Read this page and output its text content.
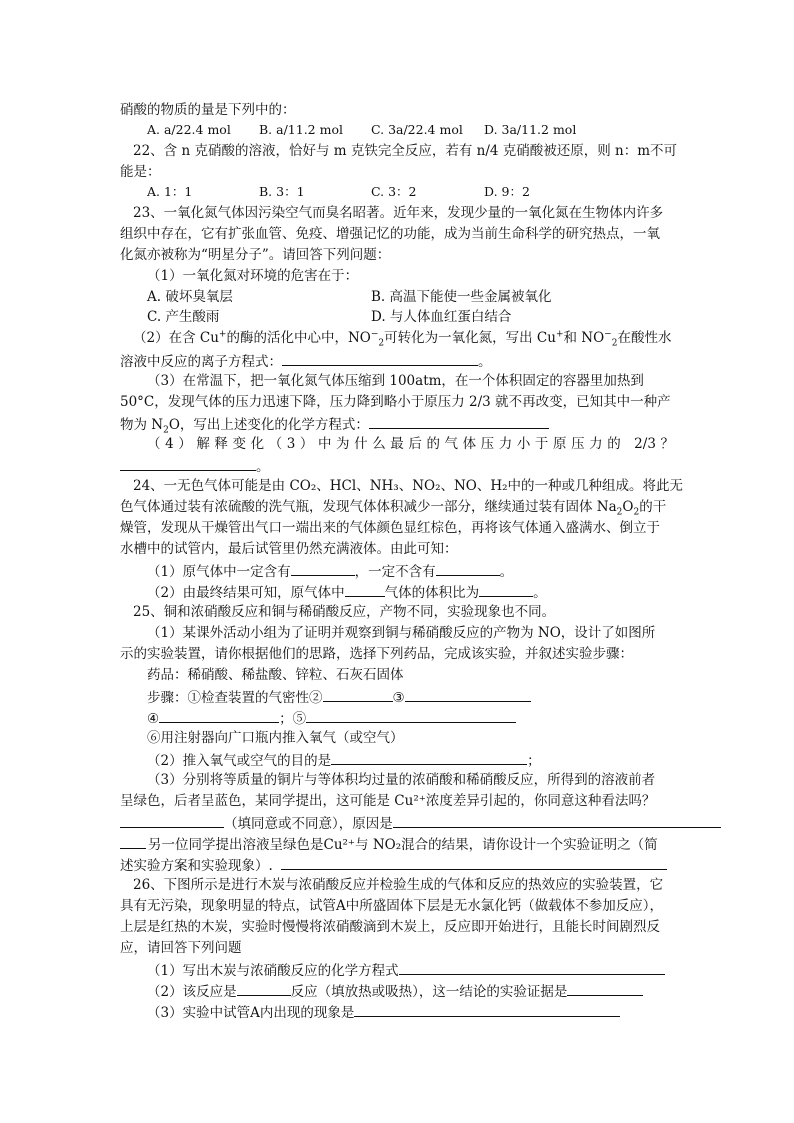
硝酸的物质的量是下列中的：
A. a/22.4 mol B. a/11.2 mol C. 3a/22.4 mol D. 3a/11.2 mol
22、含 n 克硝酸的溶液，恰好与 m 克铁完全反应，若有 n/4 克硝酸被还原，则 n：m不可
能是：
A. 1：1	B. 3：1	C. 3：2	D. 9：2
23、一氧化氮气体因污染空气而臭名昭著。近年来，发现少量的一氧化氮在生物体内许多
组织中存在，它有扩张血管、免疫、增强记忆的功能，成为当前生命科学的研究热点，一氧
化氮亦被称为“明星分子”。请回答下列问题：
（1）一氧化氮对环境的危害在于：
A. 破坏臭氧层	B. 高温下能使一些金属被氧化
C. 产生酸雨	D. 与人体血红蛋白结合
（2）在含 Cu+的酶的活化中心中，$NO^-_2$可转化为一氧化氮，写出 Cu+和 $NO^-_2$在酸性水
溶液中反应的离子方程式：	。
（3）在常温下，把一氧化氮气体压缩到 100atm，在一个体积固定的容器里加热到
50°C，发现气体的压力迅速下降，压力降到略小于原压力 2/3 就不再改变，已知其中一种产
物为 $N_2O$，写出上述变化的化学方程式：
（4）解释变化（3）中为什么最后的气体压力小于原压力的 2/3？
。
24、一无色气体可能是由 CO₂、HCl、NH₃、NO₂、NO、H₂中的一种或几种组成。将此无
色气体通过装有浓硫酸的洗气瓶，发现气体体积减少一部分，继续通过装有固体 $Na_2O_2$的干
燥管，发现从干燥管出气口一端出来的气体颜色显红棕色，再将该气体通入盛满水、倒立于
水槽中的试管内，最后试管里仍然充满液体。由此可知：
（1）原气体中一定含有	，一定不含有	。
（2）由最终结果可知，原气体中	气体的体积比为	。
25、铜和浓硝酸反应和铜与稀硝酸反应，产物不同，实验现象也不同。
（1）某课外活动小组为了证明并观察到铜与稀硝酸反应的产物为 NO，设计了如图所
示的实验装置，请你根据他们的思路，选择下列药品，完成该实验，并叙述实验步骤：
药品：稀硝酸、稀盐酸、锌粒、石灰石固体
步骤：①检查装置的气密性②	③
④	；⑤
⑥用注射器向广口瓶内推入氧气（或空气）
（2）推入氧气或空气的目的是	；
（3）分别将等质量的铜片与等体积均过量的浓硝酸和稀硝酸反应，所得到的溶液前者
呈绿色，后者呈蓝色，某同学提出，这可能是 Cu²⁺浓度差异引起的，你同意这种看法吗？
（填同意或不同意），原因是
另一位同学提出溶液呈绿色是Cu²⁺与 NO₂混合的结果，请你设计一个实验证明之（简
述实验方案和实验现象）.
26、下图所示是进行木炭与浓硝酸反应并检验生成的气体和反应的热效应的实验装置，它
具有无污染，现象明显的特点，试管A中所盛固体下层是无水氯化钙（做载体不参加反应），
上层是红热的木炭，实验时慢慢将浓硝酸滴到木炭上，反应即开始进行，且能长时间剧烈反
应，请回答下列问题
（1）写出木炭与浓硝酸反应的化学方程式
（2）该反应是	反应（填放热或吸热），这一结论的实验证据是
（3）实验中试管A内出现的现象是
